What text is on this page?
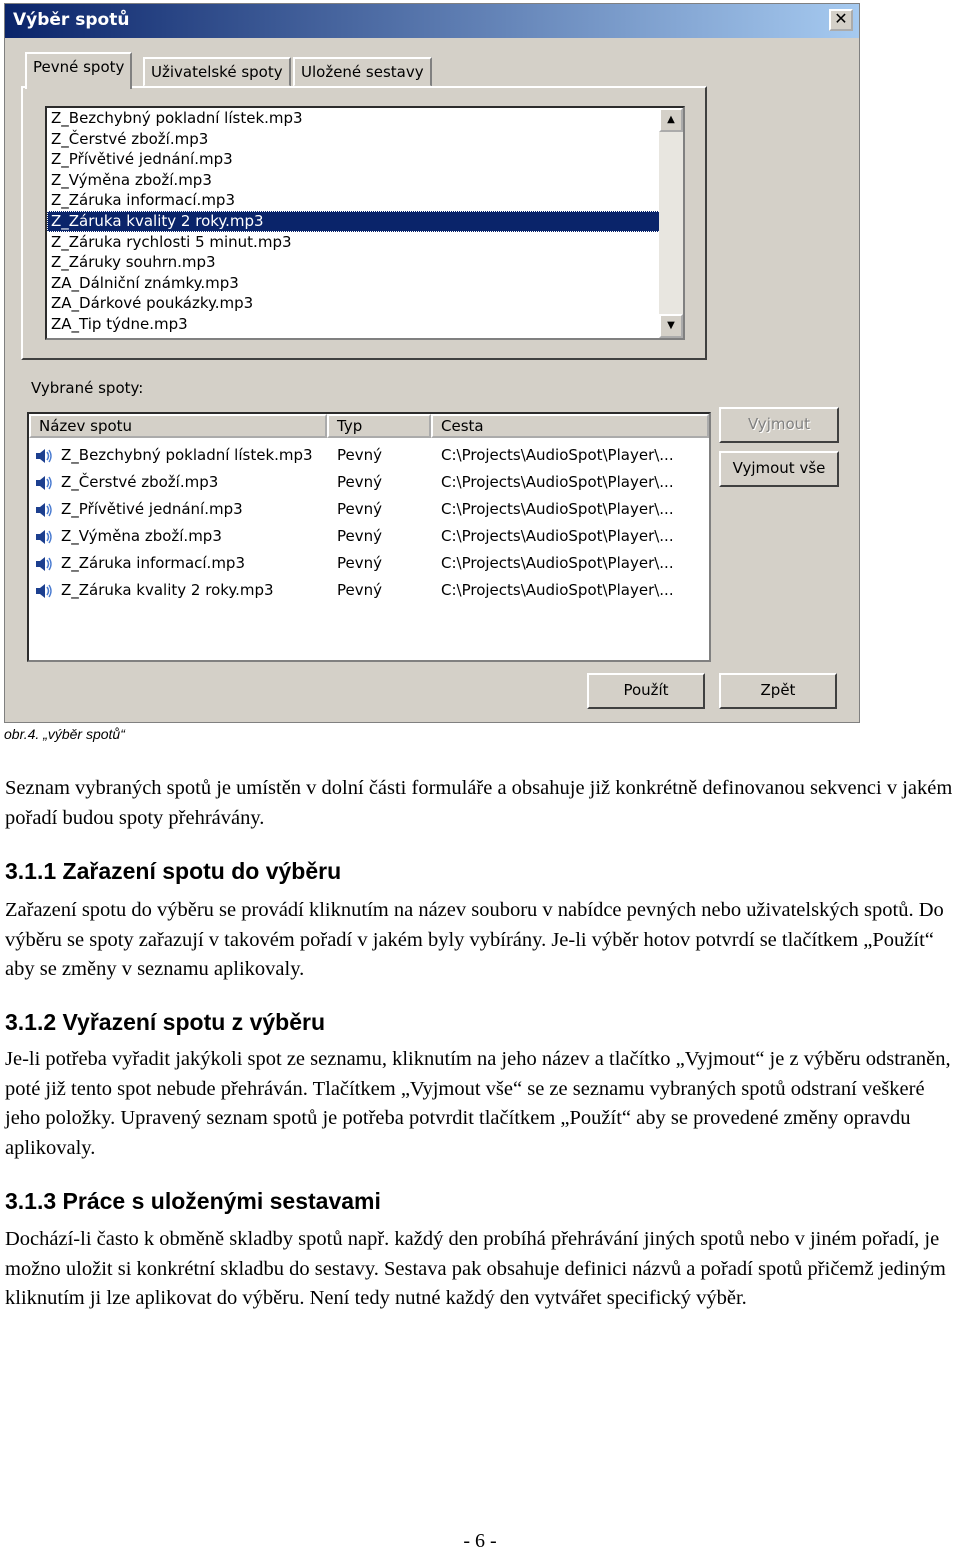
Výběr spotů	✕
Pevné spoty	Uživatelské spoty	Uložené sestavy
Z_Bezchybný pokladní lístek.mp3
Z_Čerstvé zboží.mp3
Z_Přívětivé jednání.mp3
Z_Výměna zboží.mp3
Z_Záruka informací.mp3
Z_Záruka kvality 2 roky.mp3
Z_Záruka rychlosti 5 minut.mp3
Z_Záruky souhrn.mp3
ZA_Dálniční známky.mp3
ZA_Dárkové poukázky.mp3
ZA_Tip týdne.mp3
▲
▼
Vybrané spoty:
Název spotu	Typ	Cesta
Z_Bezchybný pokladní lístek.mp3 Pevný	C:\Projects\AudioSpot\Player\...
Z_Čerstvé zboží.mp3	Pevný	C:\Projects\AudioSpot\Player\...
Z_Přívětivé jednání.mp3	Pevný	C:\Projects\AudioSpot\Player\...
Z_Výměna zboží.mp3	Pevný	C:\Projects\AudioSpot\Player\...
Z_Záruka informací.mp3	Pevný	C:\Projects\AudioSpot\Player\...
Z_Záruka kvality 2 roky.mp3	Pevný	C:\Projects\AudioSpot\Player\...
Vyjmout
Vyjmout vše
Použít	Zpět
obr.4. „výběr spotů“
Seznam vybraných spotů je umístěn v dolní části formuláře a obsahuje již konkrétně definovanou sekvenci v jakém pořadí budou spoty přehrávány.
3.1.1 Zařazení spotu do výběru
Zařazení spotu do výběru se provádí kliknutím na název souboru v nabídce pevných nebo uživatelských spotů. Do výběru se spoty zařazují v takovém pořadí v jakém byly vybírány. Je-li výběr hotov potvrdí se tlačítkem „Použít“ aby se změny v seznamu aplikovaly.
3.1.2 Vyřazení spotu z výběru
Je-li potřeba vyřadit jakýkoli spot ze seznamu, kliknutím na jeho název a tlačítko „Vyjmout“ je z výběru odstraněn, poté již tento spot nebude přehráván. Tlačítkem „Vyjmout vše“ se ze seznamu vybraných spotů odstraní veškeré jeho položky. Upravený seznam spotů je potřeba potvrdit tlačítkem „Použít“ aby se provedené změny opravdu aplikovaly.
3.1.3 Práce s uloženými sestavami
Dochází-li často k obměně skladby spotů např. každý den probíhá přehrávání jiných spotů nebo v jiném pořadí, je možno uložit si konkrétní skladbu do sestavy. Sestava pak obsahuje definici názvů a pořadí spotů přičemž jediným kliknutím ji lze aplikovat do výběru. Není tedy nutné každý den vytvářet specifický výběr.
- 6 -
